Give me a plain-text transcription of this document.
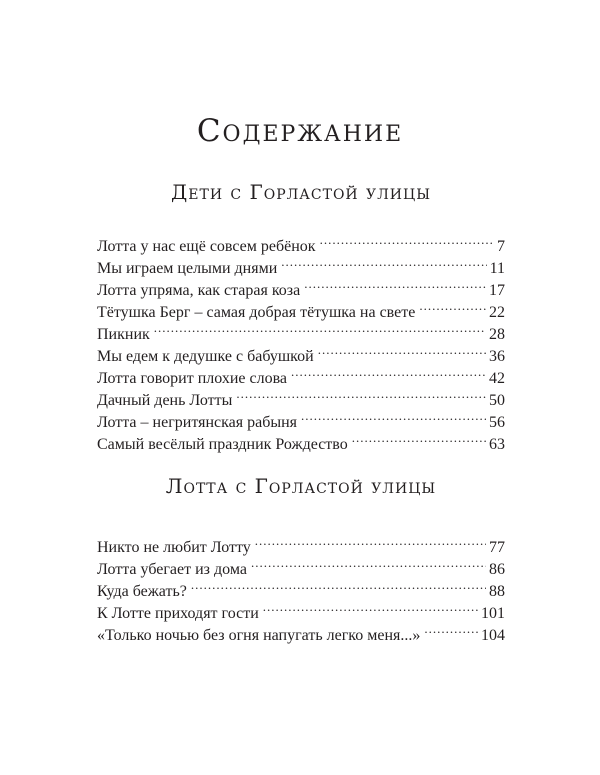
Содержание
Дети с Горластой улицы
Лотта у нас ещё совсем ребёнок .....	7
Мы играем целыми днями .....	11
Лотта упряма, как старая коза .....	17
Тётушка Берг – самая добрая тётушка на свете .....	22
Пикник .....	28
Мы едем к дедушке с бабушкой .....	36
Лотта говорит плохие слова .....	42
Дачный день Лотты .....	50
Лотта – негритянская рабыня .....	56
Самый весёлый праздник Рождество .....	63
Лотта с Горластой улицы
Никто не любит Лотту .....	77
Лотта убегает из дома .....	86
Куда бежать? .....	88
К Лотте приходят гости .....	101
«Только ночью без огня напугать легко меня...» .....	104
